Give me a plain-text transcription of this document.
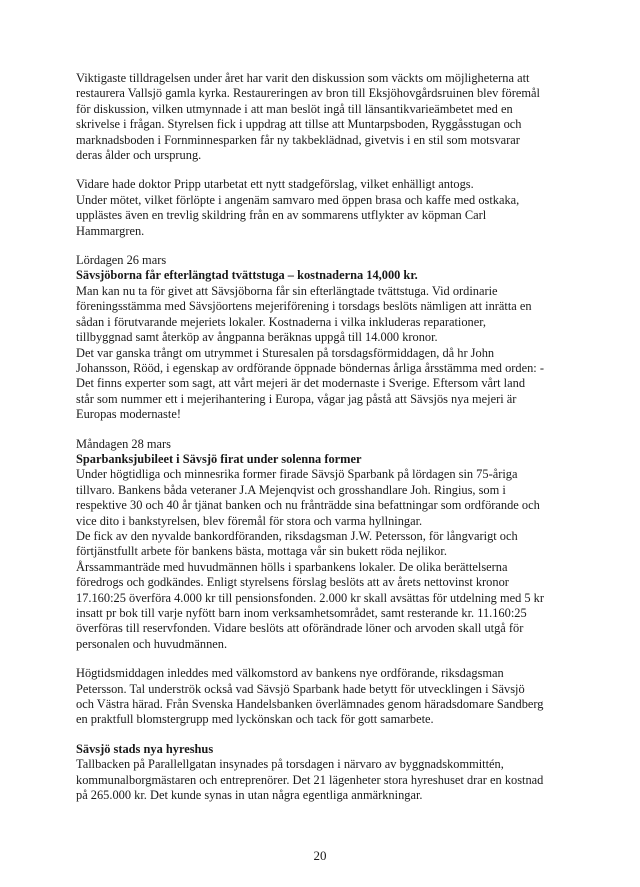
Viktigaste tilldragelsen under året har varit den diskussion som väckts om möjligheterna att

restaurera Vallsjö gamla kyrka. Restaureringen av bron till Eksjöhovgårdsruinen blev föremål

för diskussion, vilken utmynnade i att man beslöt ingå till länsantikvarieämbetet med en

skrivelse i frågan. Styrelsen fick i uppdrag att tillse att Muntarpsboden, Ryggåsstugan och

marknadsboden i Fornminnesparken får ny takbeklädnad, givetvis i en stil som motsvarar

deras ålder och ursprung.

Vidare hade doktor Pripp utarbetat ett nytt stadgeförslag, vilket enhälligt antogs.

Under mötet, vilket förlöpte i angenäm samvaro med öppen brasa och kaffe med ostkaka,

upplästes även en trevlig skildring från en av sommarens utflykter av köpman Carl

Hammargren.

Lördagen 26 mars

Sävsjöborna får efterlängtad tvättstuga – kostnaderna 14,000 kr.

Man kan nu ta för givet att Sävsjöborna får sin efterlängtade tvättstuga. Vid ordinarie

föreningsstämma med Sävsjöortens mejeriförening i torsdags beslöts nämligen att inrätta en

sådan i förutvarande mejeriets lokaler. Kostnaderna i vilka inkluderas reparationer,

tillbyggnad samt återköp av ångpanna beräknas uppgå till 14.000 kronor.

Det var ganska trångt om utrymmet i Sturesalen på torsdagsförmiddagen, då hr John

Johansson, Rööd, i egenskap av ordförande öppnade böndernas årliga årsstämma med orden: -

Det finns experter som sagt, att vårt mejeri är det modernaste i Sverige. Eftersom vårt land

står som nummer ett i mejerihantering i Europa, vågar jag påstå att Sävsjös nya mejeri är

Europas modernaste!

Måndagen 28 mars

Sparbanksjubileet i Sävsjö firat under solenna former

Under högtidliga och minnesrika former firade Sävsjö Sparbank på lördagen sin 75-åriga

tillvaro. Bankens båda veteraner J.A Mejenqvist och grosshandlare Joh. Ringius, som i

respektive 30 och 40 år tjänat banken och nu frånträdde sina befattningar som ordförande och

vice dito i bankstyrelsen, blev föremål för stora och varma hyllningar.

De fick av den nyvalde bankordföranden, riksdagsman J.W. Petersson, för långvarigt och

förtjänstfullt arbete för bankens bästa, mottaga vår sin bukett röda nejlikor.

Årssammanträde med huvudmännen hölls i sparbankens lokaler. De olika berättelserna

föredrogs och godkändes. Enligt styrelsens förslag beslöts att av årets nettovinst kronor

17.160:25 överföra 4.000 kr till pensionsfonden. 2.000 kr skall avsättas för utdelning med 5 kr

insatt pr bok till varje nyfött barn inom verksamhetsområdet, samt resterande kr. 11.160:25

överföras till reservfonden. Vidare beslöts att oförändrade löner och arvoden skall utgå för

personalen och huvudmännen.

Högtidsmiddagen inleddes med välkomstord av bankens nye ordförande, riksdagsman

Petersson. Tal underströk också vad Sävsjö Sparbank hade betytt för utvecklingen i Sävsjö

och Västra härad. Från Svenska Handelsbanken överlämnades genom häradsdomare Sandberg

en praktfull blomstergrupp med lyckönskan och tack för gott samarbete.

Sävsjö stads nya hyreshus

Tallbacken på Parallellgatan insynades på torsdagen i närvaro av byggnadskommittén,

kommunalborgmästaren och entreprenörer. Det 21 lägenheter stora hyreshuset drar en kostnad

på 265.000 kr. Det kunde synas in utan några egentliga anmärkningar.

20
